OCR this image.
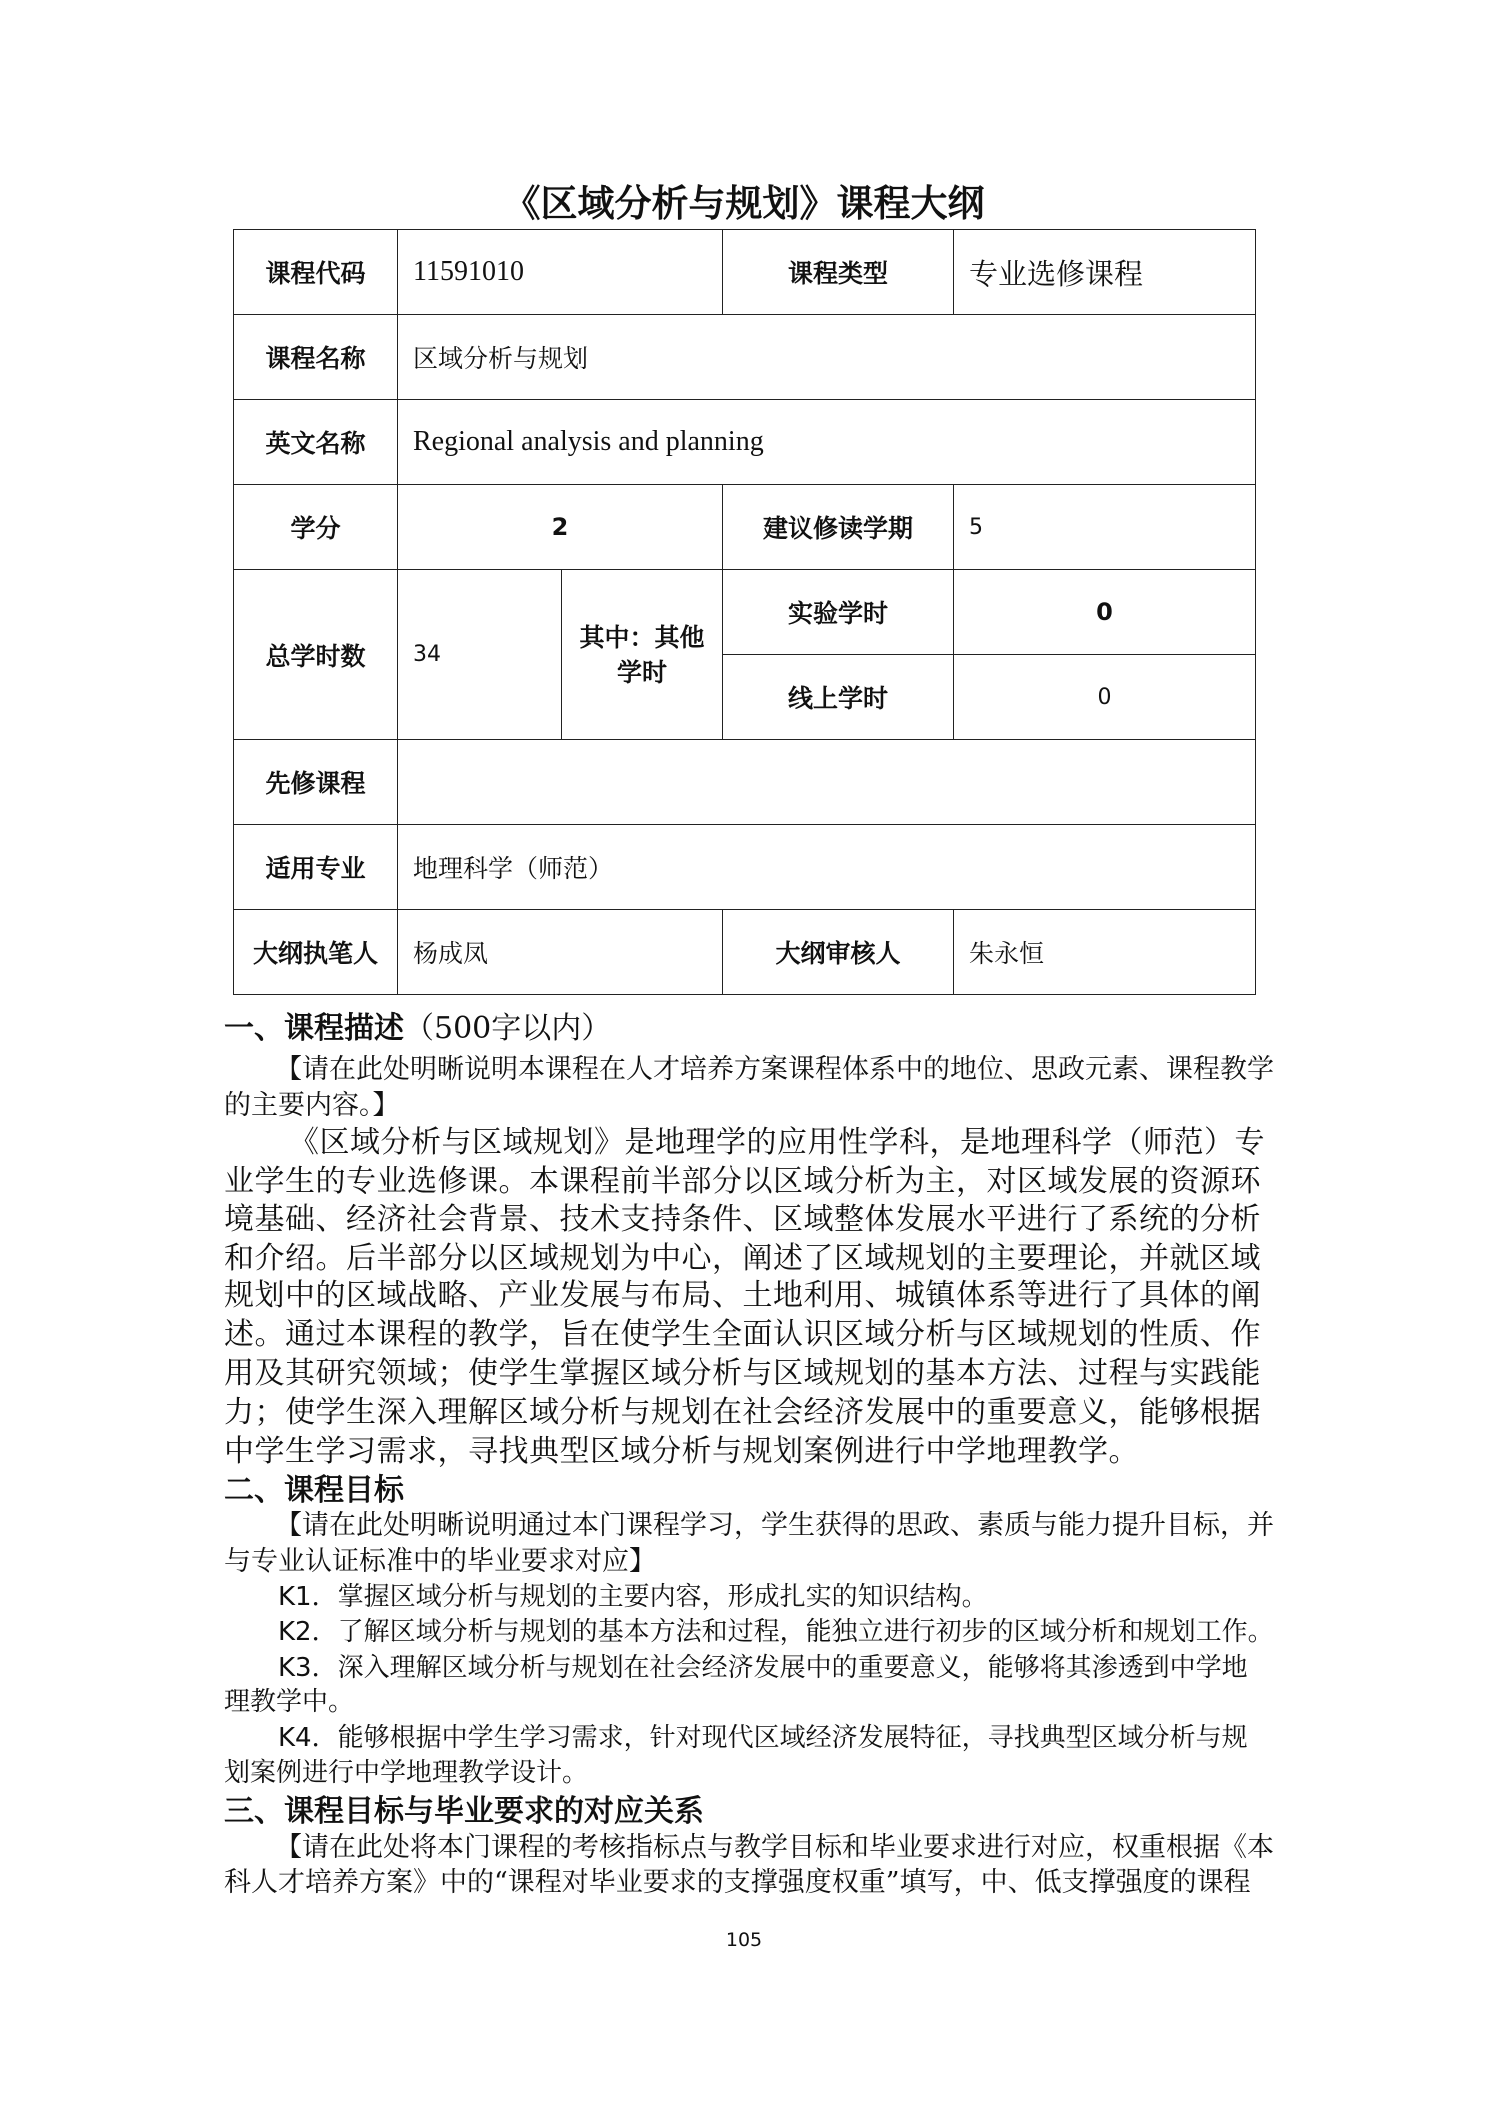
《区域分析与规划》课程大纲
课程代码	11591010		课程类型	专业选修课程
课程名称	区域分析与规划			
英文名称	Regional analysis and planning			
学分	2		建议修读学期	5
总学时数	34	其中：其他学时	实验学时	0
			线上学时	0
先修课程				
适用专业	地理科学（师范）			
大纲执笔人	杨成凤		大纲审核人	朱永恒
一、课程描述（500字以内）
【请在此处明晰说明本课程在人才培养方案课程体系中的地位、思政元素、课程教学
的主要内容。】
《区域分析与区域规划》是地理学的应用性学科，是地理科学（师范）专
业学生的专业选修课。本课程前半部分以区域分析为主，对区域发展的资源环
境基础、经济社会背景、技术支持条件、区域整体发展水平进行了系统的分析
和介绍。后半部分以区域规划为中心，阐述了区域规划的主要理论，并就区域
规划中的区域战略、产业发展与布局、土地利用、城镇体系等进行了具体的阐
述。通过本课程的教学，旨在使学生全面认识区域分析与区域规划的性质、作
用及其研究领域；使学生掌握区域分析与区域规划的基本方法、过程与实践能
力；使学生深入理解区域分析与规划在社会经济发展中的重要意义，能够根据
中学生学习需求，寻找典型区域分析与规划案例进行中学地理教学。
二、课程目标
【请在此处明晰说明通过本门课程学习，学生获得的思政、素质与能力提升目标，并
与专业认证标准中的毕业要求对应】
K1．掌握区域分析与规划的主要内容，形成扎实的知识结构。
K2．了解区域分析与规划的基本方法和过程，能独立进行初步的区域分析和规划工作。
K3．深入理解区域分析与规划在社会经济发展中的重要意义，能够将其渗透到中学地
理教学中。
K4．能够根据中学生学习需求，针对现代区域经济发展特征，寻找典型区域分析与规
划案例进行中学地理教学设计。
三、课程目标与毕业要求的对应关系
【请在此处将本门课程的考核指标点与教学目标和毕业要求进行对应，权重根据《本
科人才培养方案》中的“课程对毕业要求的支撑强度权重”填写，中、低支撑强度的课程
105
